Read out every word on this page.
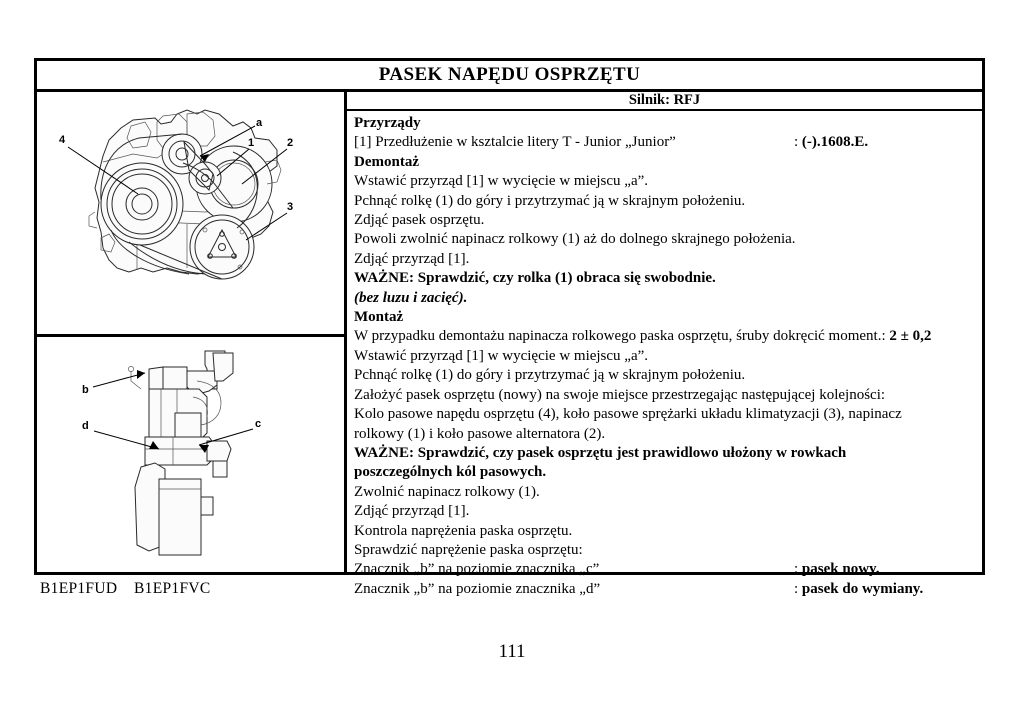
PASEK NAPĘDU OSPRZĘTU
4
a
1	2
3
b
d	c
Silnik: RFJ
Przyrządy
[1] Przedłużenie w ksztalcie litery T - Junior „Junior”	: (-).1608.E.
Demontaż
Wstawić przyrząd [1] w wycięcie w miejscu „a”.
Pchnąć rolkę (1) do góry i przytrzymać ją w skrajnym położeniu.
Zdjąć pasek osprzętu.
Powoli zwolnić napinacz rolkowy (1) aż do dolnego skrajnego położenia.
Zdjąć przyrząd [1].
WAŻNE: Sprawdzić, czy rolka (1) obraca się swobodnie.
(bez luzu i zacięć).
Montaż
W przypadku demontażu napinacza rolkowego paska osprzętu, śruby dokręcić moment.: 2 ± 0,2
Wstawić przyrząd [1] w wycięcie w miejscu „a”.
Pchnąć rolkę (1) do góry i przytrzymać ją w skrajnym położeniu.
Założyć pasek osprzętu (nowy) na swoje miejsce przestrzegając następującej kolejności:
Kolo pasowe napędu osprzętu (4), koło pasowe sprężarki układu klimatyzacji (3), napinacz
rolkowy (1) i koło pasowe alternatora (2).
WAŻNE: Sprawdzić, czy pasek osprzętu jest prawidlowo ułożony w rowkach
poszczególnych kól pasowych.
Zwolnić napinacz rolkowy (1).
Zdjąć przyrząd [1].
Kontrola naprężenia paska osprzętu.
Sprawdzić naprężenie paska osprzętu:
Znacznik „b” na poziomie znacznika „c”	: pasek nowy.
Znacznik „b” na poziomie znacznika „d”	: pasek do wymiany.
B1EP1FUD    B1EP1FVC
111
